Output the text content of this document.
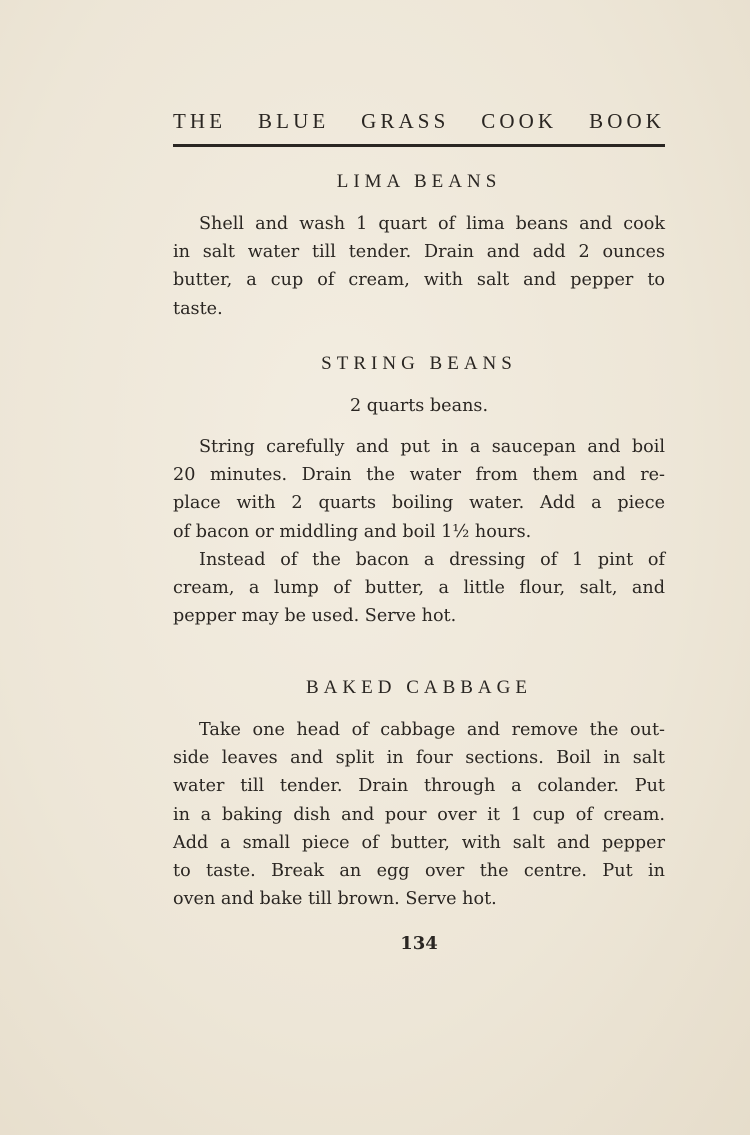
THE BLUE GRASS COOK BOOK
LIMA BEANS
Shell and wash 1 quart of lima beans and cook
in salt water till tender. Drain and add 2 ounces
butter, a cup of cream, with salt and pepper to
taste.
STRING BEANS
2 quarts beans.
String carefully and put in a saucepan and boil
20 minutes. Drain the water from them and re-
place with 2 quarts boiling water. Add a piece
of bacon or middling and boil 1½ hours.
Instead of the bacon a dressing of 1 pint of
cream, a lump of butter, a little flour, salt, and
pepper may be used. Serve hot.
BAKED CABBAGE
Take one head of cabbage and remove the out-
side leaves and split in four sections. Boil in salt
water till tender. Drain through a colander. Put
in a baking dish and pour over it 1 cup of cream.
Add a small piece of butter, with salt and pepper
to taste. Break an egg over the centre. Put in
oven and bake till brown. Serve hot.
134
